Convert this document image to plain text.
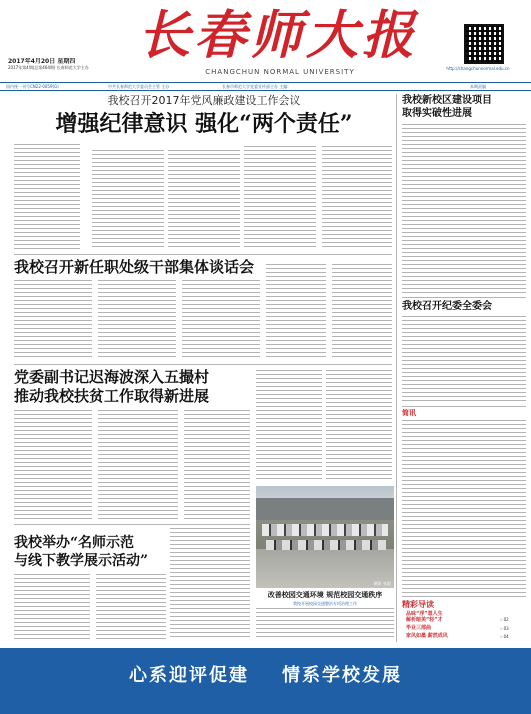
2017年4月20日 星期四
2017年第4期(总第464期) 长春师范大学主办
长春师大报
CHANGCHUN NORMAL UNIVERSITY	http://changchunnormal.edu.cn
国内统一刊号CN22-0059(G)	中共长春师范大学委员会主管 主办	长春市师范大学党委宣传部主办 主编:	本期责编
我校召开2017年党风廉政建设工作会议
增强纪律意识 强化“两个责任”
我校召开新任职处级干部集体谈话会
党委副书记迟海波深入五撮村
推动我校扶贫工作取得新进展
我校举办“名师示范
与线下教学展示活动”
摄影 张琨
改善校园交通环境 规范校园交通秩序
我校开展校园交通整治专项治理工作
我校新校区建设项目
取得实破性进展
我校召开纪委全委会
简讯
精彩导读
品味“浮”意人生
解析暗美“轻”才	☞02
毕业三部曲	☞03
家风如墨 薪然成风	☞04
心系迎评促建    情系学校发展
